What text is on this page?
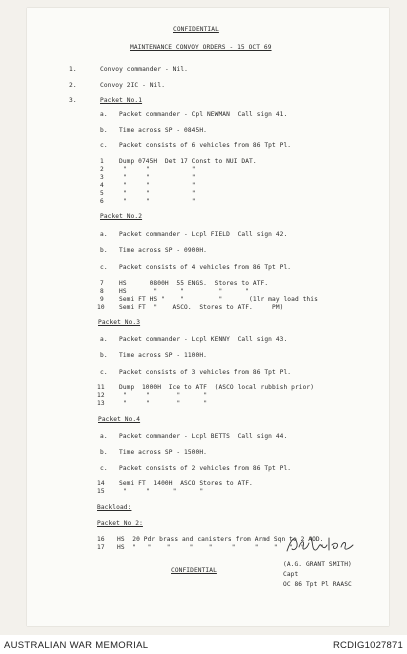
CONFIDENTIAL
MAINTENANCE CONVOY ORDERS - 15 OCT 69
1.	Convoy commander - Nil.
2.	Convoy 2IC - Nil.
3.	Packet No.1
a. Packet commander - Cpl NEWMAN  Call sign 41.
b. Time across SP - 0845H.
c. Packet consists of 6 vehicles from 86 Tpt Pl.
1 Dump 0745H  Det 17 Const to NUI DAT.
2	"     "           "
3	"     "           "
4	"     "           "
5	"     "           "
6	"     "           "
Packet No.2
a. Packet commander - Lcpl FIELD  Call sign 42.
b. Time across SP - 0900H.
c. Packet consists of 4 vehicles from 86 Tpt Pl.
7 HS      0800H  55 ENGS.  Stores to ATF.
8 HS       "      "         "      "
9 Semi FT HS "    "         "       (1lr may load this
10 Semi FT  "    ASCO.  Stores to ATF.     PM)
Packet No.3
a. Packet commander - Lcpl KENNY  Call sign 43.
b. Time across SP - 1100H.
c. Packet consists of 3 vehicles from 86 Tpt Pl.
11 Dump  1000H  Ice to ATF  (ASCO local rubbish prior)
12	"     "       "      "
13	"     "       "      "
Packet No.4
a. Packet commander - Lcpl BETTS  Call sign 44.
b. Time across SP - 1500H.
c. Packet consists of 2 vehicles from 86 Tpt Pl.
14 Semi FT  1400H  ASCO Stores to ATF.
15	"     "      "      "
Backload:
Packet No 2:
16 HS  20 Pdr brass and canisters from Armd Sqn to 2 AOD.
17 HS  "   "    "     "    "     "     "    "   "  "    "
(A.G. GRANT SMITH)
Capt
OC 86 Tpt Pl RAASC
CONFIDENTIAL
AUSTRALIAN WAR MEMORIAL	RCDIG1027871
